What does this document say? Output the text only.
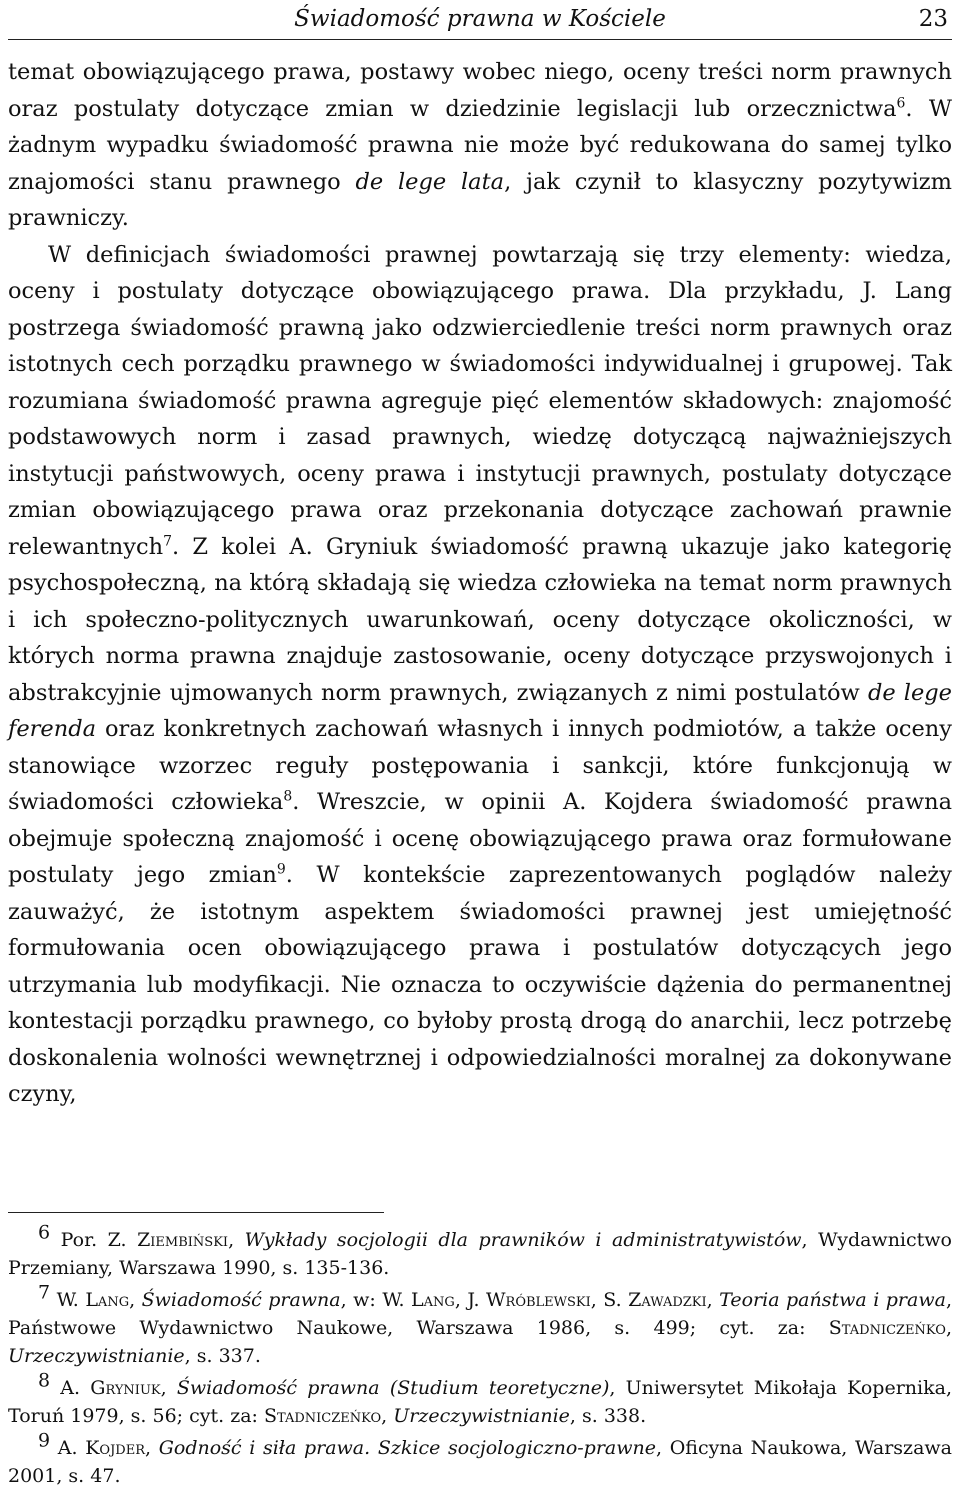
Świadomość prawna w Kościele	23

temat obowiązującego prawa, postawy wobec niego, oceny treści norm prawnych oraz postulaty dotyczące zmian w dziedzinie legislacji lub orzecznictwa$^6$. W żadnym wypadku świadomość prawna nie może być redukowana do samej tylko znajomości stanu prawnego de lege lata, jak czynił to klasyczny pozytywizm prawniczy.

W definicjach świadomości prawnej powtarzają się trzy elementy: wiedza, oceny i postulaty dotyczące obowiązującego prawa. Dla przykładu, J. Lang postrzega świadomość prawną jako odzwierciedlenie treści norm prawnych oraz istotnych cech porządku prawnego w świadomości indywidualnej i grupowej. Tak rozumiana świadomość prawna agreguje pięć elementów składowych: znajomość podstawowych norm i zasad prawnych, wiedzę dotyczącą najważniejszych instytucji państwowych, oceny prawa i instytucji prawnych, postulaty dotyczące zmian obowiązującego prawa oraz przekonania dotyczące zachowań prawnie relewantnych$^7$. Z kolei A. Gryniuk świadomość prawną ukazuje jako kategorię psychospołeczną, na którą składają się wiedza człowieka na temat norm prawnych i ich społeczno-politycznych uwarunkowań, oceny dotyczące okoliczności, w których norma prawna znajduje zastosowanie, oceny dotyczące przyswojonych i abstrakcyjnie ujmowanych norm prawnych, związanych z nimi postulatów de lege ferenda oraz konkretnych zachowań własnych i innych podmiotów, a także oceny stanowiące wzorzec reguły postępowania i sankcji, które funkcjonują w świadomości człowieka$^8$. Wreszcie, w opinii A. Kojdera świadomość prawna obejmuje społeczną znajomość i ocenę obowiązującego prawa oraz formułowane postulaty jego zmian$^9$. W kontekście zaprezentowanych poglądów należy zauważyć, że istotnym aspektem świadomości prawnej jest umiejętność formułowania ocen obowiązującego prawa i postulatów dotyczących jego utrzymania lub modyfikacji. Nie oznacza to oczywiście dążenia do permanentnej kontestacji porządku prawnego, co byłoby prostą drogą do anarchii, lecz potrzebę doskonalenia wolności wewnętrznej i odpowiedzialności moralnej za dokonywane czyny,

6 Por. Z. Ziembiński, Wykłady socjologii dla prawników i administratywistów, Wydawnictwo Przemiany, Warszawa 1990, s. 135-136.

7 W. Lang, Świadomość prawna, w: W. Lang, J. Wróblewski, S. Zawadzki, Teoria państwa i prawa, Państwowe Wydawnictwo Naukowe, Warszawa 1986, s. 499; cyt. za: Stadniczeńko, Urzeczywistnianie, s. 337.

8 A. Gryniuk, Świadomość prawna (Studium teoretyczne), Uniwersytet Mikołaja Kopernika, Toruń 1979, s. 56; cyt. za: Stadniczeńko, Urzeczywistnianie, s. 338.

9 A. Kojder, Godność i siła prawa. Szkice socjologiczno-prawne, Oficyna Naukowa, Warszawa 2001, s. 47.
